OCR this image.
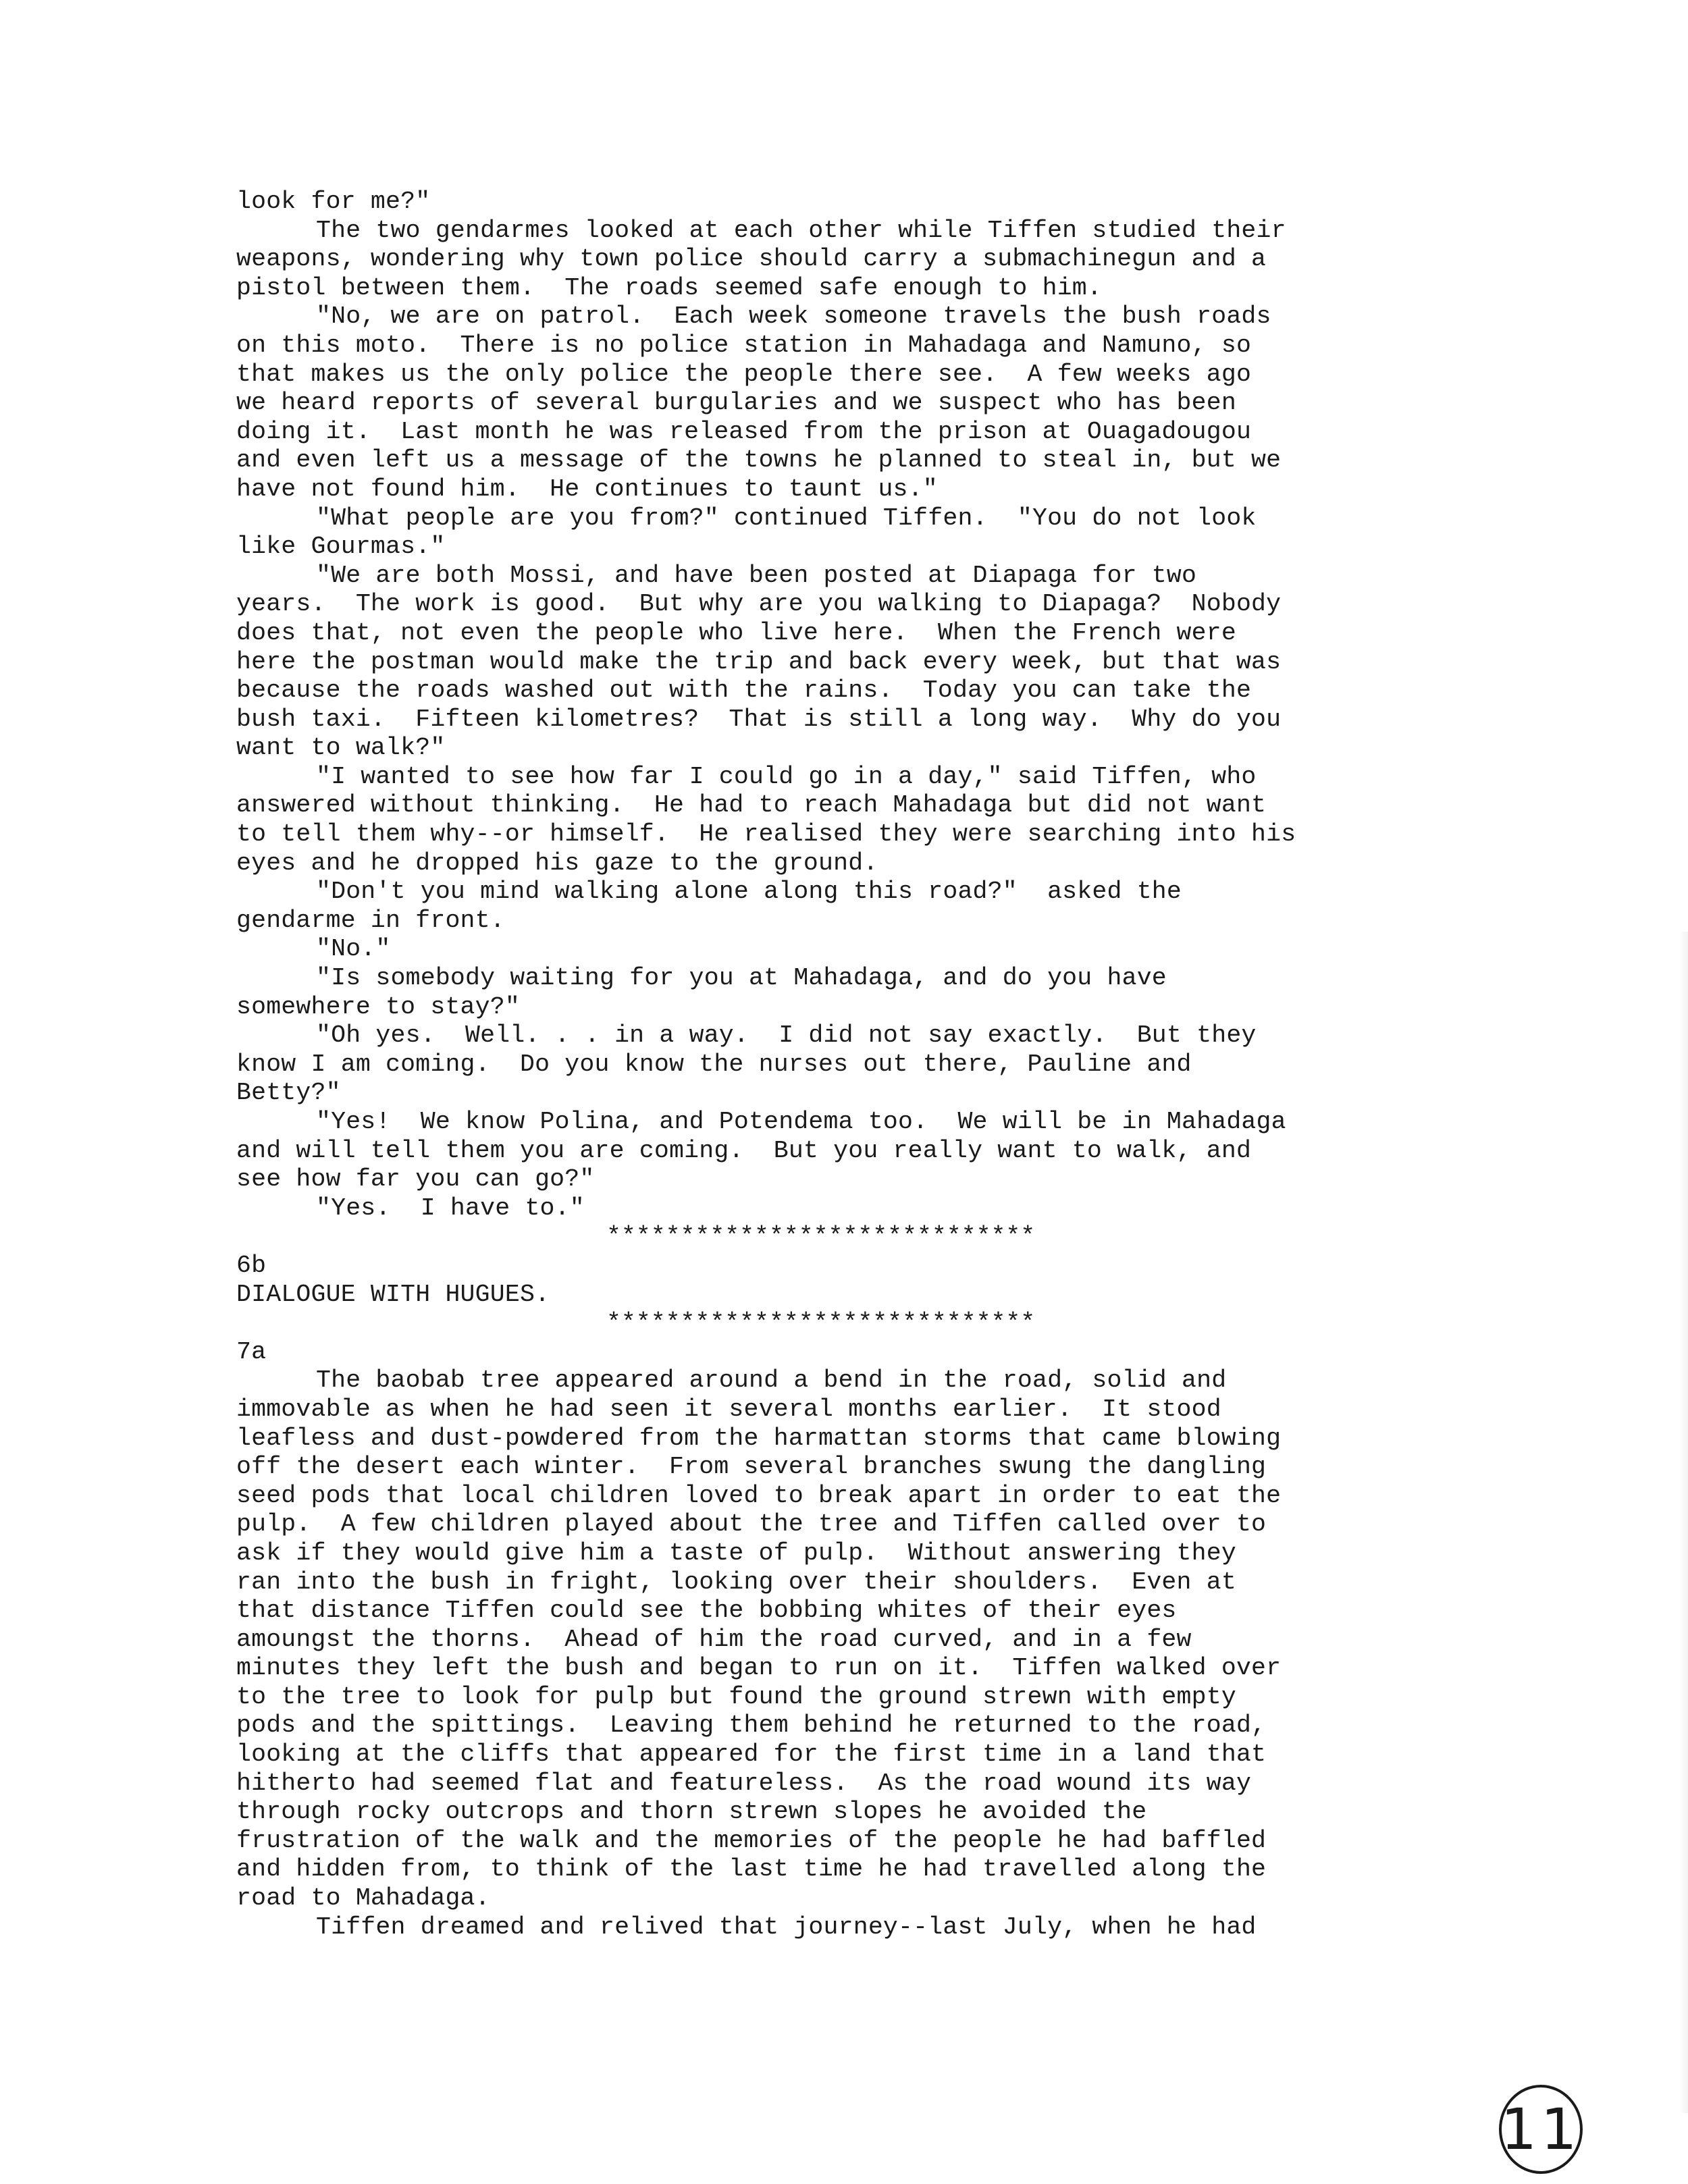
look for me?"
The two gendarmes looked at each other while Tiffen studied their
weapons, wondering why town police should carry a submachinegun and a
pistol between them.  The roads seemed safe enough to him.
"No, we are on patrol.  Each week someone travels the bush roads
on this moto.  There is no police station in Mahadaga and Namuno, so
that makes us the only police the people there see.  A few weeks ago
we heard reports of several burgularies and we suspect who has been
doing it.  Last month he was released from the prison at Ouagadougou
and even left us a message of the towns he planned to steal in, but we
have not found him.  He continues to taunt us."
"What people are you from?" continued Tiffen.  "You do not look
like Gourmas."
"We are both Mossi, and have been posted at Diapaga for two
years.  The work is good.  But why are you walking to Diapaga?  Nobody
does that, not even the people who live here.  When the French were
here the postman would make the trip and back every week, but that was
because the roads washed out with the rains.  Today you can take the
bush taxi.  Fifteen kilometres?  That is still a long way.  Why do you
want to walk?"
"I wanted to see how far I could go in a day," said Tiffen, who
answered without thinking.  He had to reach Mahadaga but did not want
to tell them why--or himself.  He realised they were searching into his
eyes and he dropped his gaze to the ground.
"Don't you mind walking alone along this road?"  asked the
gendarme in front.
"No."
"Is somebody waiting for you at Mahadaga, and do you have
somewhere to stay?"
"Oh yes.  Well. . . in a way.  I did not say exactly.  But they
know I am coming.  Do you know the nurses out there, Pauline and
Betty?"
"Yes!  We know Polina, and Potendema too.  We will be in Mahadaga
and will tell them you are coming.  But you really want to walk, and
see how far you can go?"
"Yes.  I have to."
*****************************
6b
DIALOGUE WITH HUGUES.
*****************************
7a
The baobab tree appeared around a bend in the road, solid and
immovable as when he had seen it several months earlier.  It stood
leafless and dust-powdered from the harmattan storms that came blowing
off the desert each winter.  From several branches swung the dangling
seed pods that local children loved to break apart in order to eat the
pulp.  A few children played about the tree and Tiffen called over to
ask if they would give him a taste of pulp.  Without answering they
ran into the bush in fright, looking over their shoulders.  Even at
that distance Tiffen could see the bobbing whites of their eyes
amoungst the thorns.  Ahead of him the road curved, and in a few
minutes they left the bush and began to run on it.  Tiffen walked over
to the tree to look for pulp but found the ground strewn with empty
pods and the spittings.  Leaving them behind he returned to the road,
looking at the cliffs that appeared for the first time in a land that
hitherto had seemed flat and featureless.  As the road wound its way
through rocky outcrops and thorn strewn slopes he avoided the
frustration of the walk and the memories of the people he had baffled
and hidden from, to think of the last time he had travelled along the
road to Mahadaga.
Tiffen dreamed and relived that journey--last July, when he had
11
